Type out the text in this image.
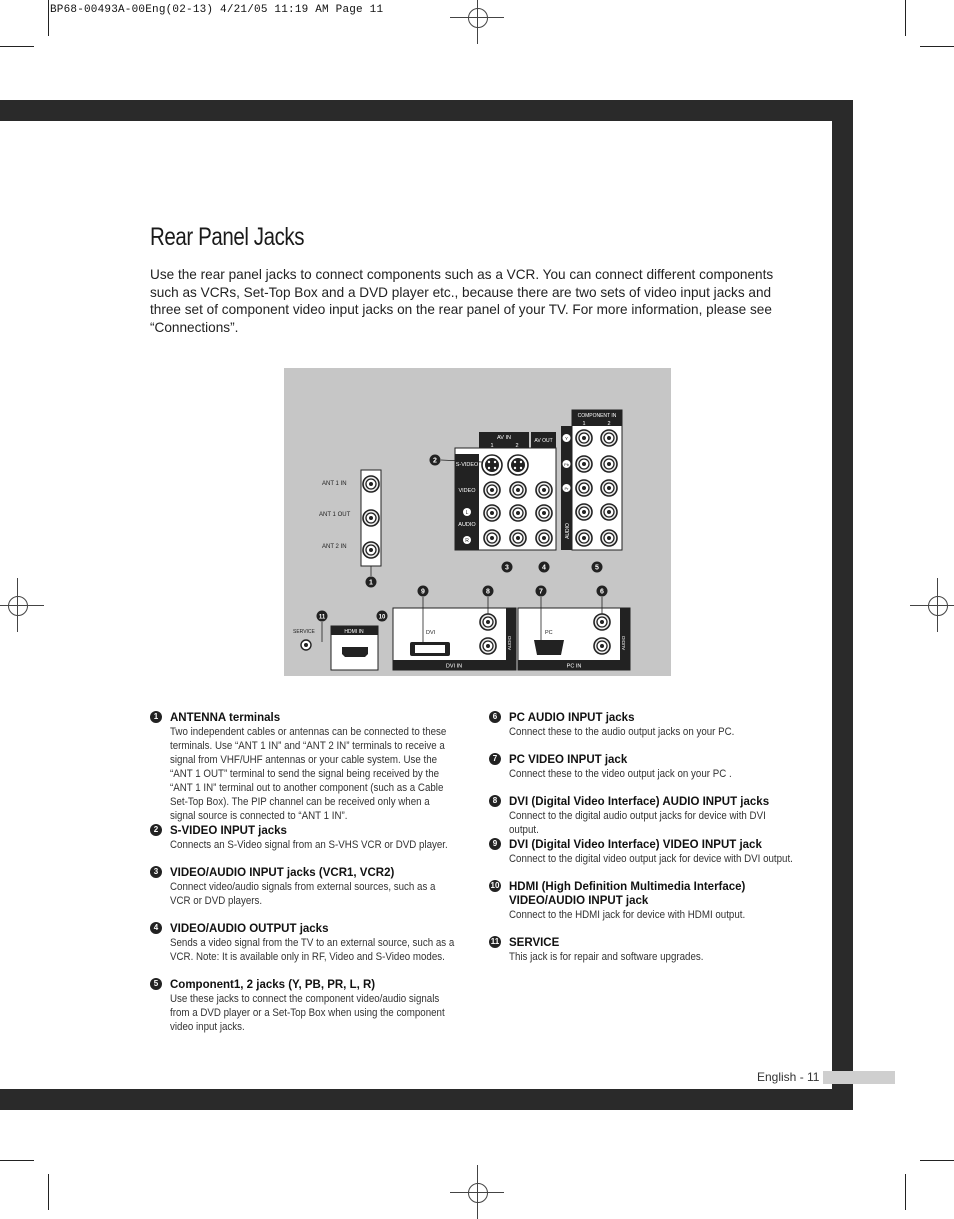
BP68-00493A-00Eng(02-13) 4/21/05 11:19 AM Page 11
Rear Panel Jacks
Use the rear panel jacks to connect components such as a VCR. You can connect different components such as VCRs, Set-Top Box and a DVD player etc., because there are two sets of video input jacks and three set of component video input jacks on the rear panel of your TV. For more information, please see “Connections”.
ANT 1 IN
ANT 1 OUT
ANT 2 IN
1
AV IN
1	2
AV OUT
S-VIDEO
VIDEO
L
AUDIO
R
2
3	4
COMPONENT IN
1	2
Y
Pb
Pr
AUDIO
5
SERVICE	HDMI IN
11	10
DVI IN
DVI
AUDIO
9	8
PC IN
PC
AUDIO
7	6
1	ANTENNA terminals
Two independent cables or antennas can be connected to these terminals. Use “ANT 1 IN” and “ANT 2 IN” terminals to receive a signal from VHF/UHF antennas or your cable system. Use the “ANT 1 OUT” terminal to send the signal being received by the “ANT 1 IN” terminal out to another component (such as a Cable Set-Top Box). The PIP channel can be received only when a signal source is connected to “ANT 1 IN”.
2	S-VIDEO INPUT jacks
Connects an S-Video signal from an S-VHS VCR or DVD player.
3	VIDEO/AUDIO INPUT jacks (VCR1, VCR2)
Connect video/audio signals from external sources, such as a VCR or DVD players.
4	VIDEO/AUDIO OUTPUT jacks
Sends a video signal from the TV to an external source, such as a VCR. Note: It is available only in RF, Video and S-Video modes.
5	Component1, 2 jacks (Y, PB, PR, L, R)
Use these jacks to connect the component video/audio signals from a DVD player or a Set-Top Box when using the component video input jacks.
6	PC AUDIO INPUT jacks
Connect these to the audio output jacks on your PC.
7	PC VIDEO INPUT jack
Connect these to the video output jack on your PC .
8	DVI (Digital Video Interface) AUDIO INPUT jacks
Connect to the digital audio output jacks for device with DVI output.
9	DVI (Digital Video Interface) VIDEO INPUT jack
Connect to the digital video output jack for device with DVI output.
10 HDMI (High Definition Multimedia Interface) VIDEO/AUDIO INPUT jack
Connect to the HDMI jack for device with HDMI output.
11 SERVICE
This jack is for repair and software upgrades.
English - 11
